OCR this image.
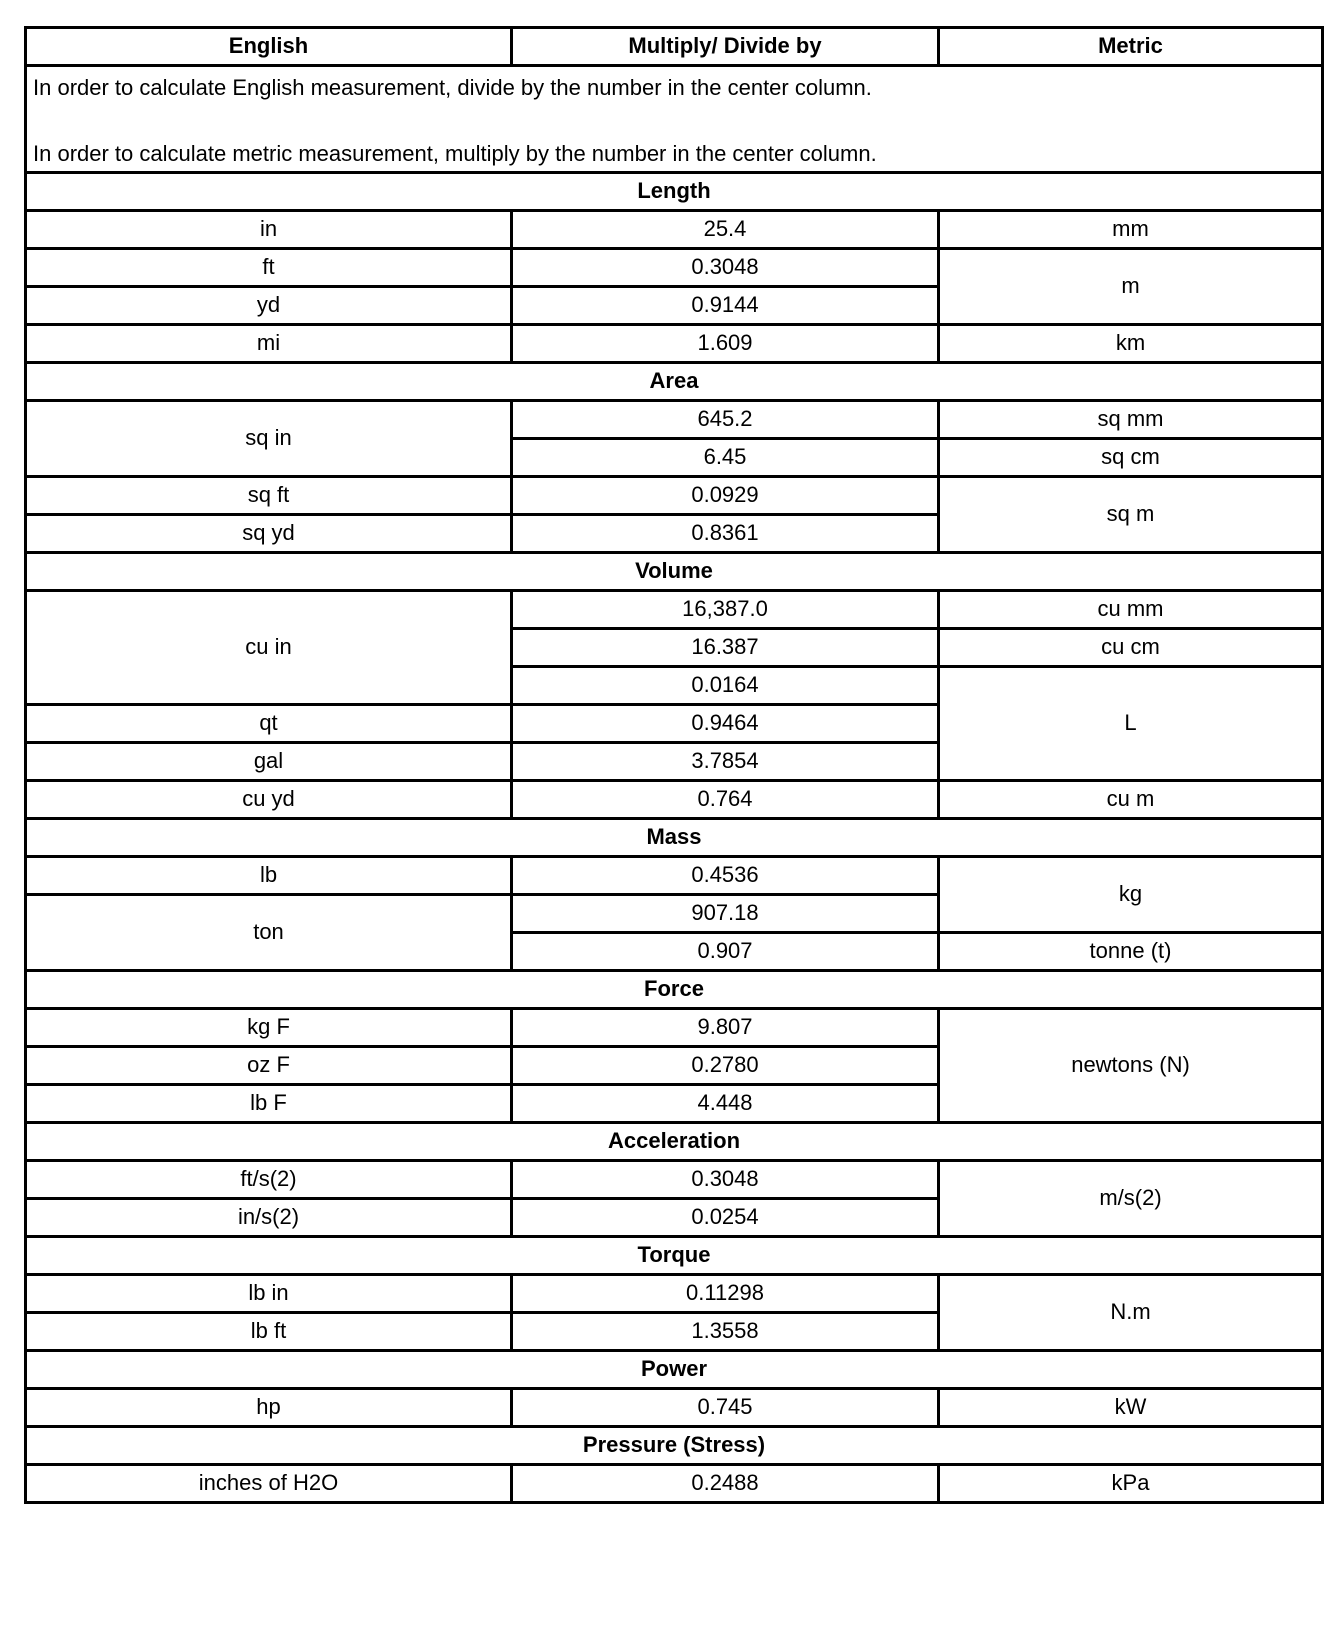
English	Multiply/ Divide by	Metric

In order to calculate English measurement, divide by the number in the center column.

In order to calculate metric measurement, multiply by the number in the center column.		

Length		
in	25.4	mm
ft	0.3048	m
yd	0.9144	
mi	1.609	km
Area		
sq in	645.2	sq mm
	6.45	sq cm
sq ft	0.0929	sq m
sq yd	0.8361	
Volume		
cu in	16,387.0	cu mm
	16.387	cu cm
	0.0164	L
qt	0.9464	
gal	3.7854	
cu yd	0.764	cu m
Mass		
lb	0.4536	kg
ton	907.18	
	0.907	tonne (t)
Force		
kg F	9.807	newtons (N)
oz F	0.2780	
lb F	4.448	
Acceleration		
ft/s(2)	0.3048	m/s(2)
in/s(2)	0.0254	
Torque		
lb in	0.11298	N.m
lb ft	1.3558	
Power		
hp	0.745	kW
Pressure (Stress)		
inches of H2O	0.2488	kPa
